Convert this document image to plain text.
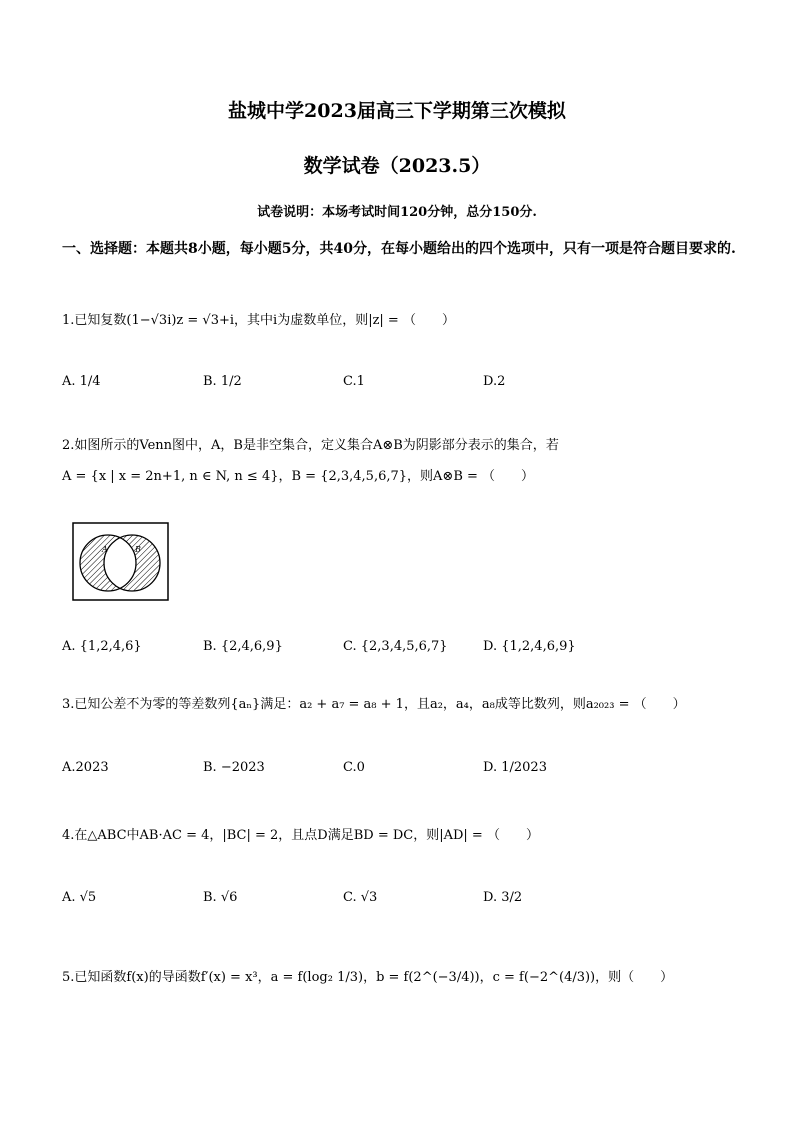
盐城中学2023届高三下学期第三次模拟
数学试卷（2023.5）
试卷说明：本场考试时间120分钟，总分150分.
一、选择题：本题共8小题，每小题5分，共40分，在每小题给出的四个选项中，只有一项是符合题目要求的.
1.已知复数(1−√3i)z = √3+i，其中i为虚数单位，则|z| = （　　）
A. 1/4	B. 1/2	C.1	D.2
2.如图所示的Venn图中，A，B是非空集合，定义集合A⊗B为阴影部分表示的集合，若
A = {x | x = 2n+1, n ∈ N, n ≤ 4}，B = {2,3,4,5,6,7}，则A⊗B = （　　）
A	B
A. {1,2,4,6}	B. {2,4,6,9}	C. {2,3,4,5,6,7}	D. {1,2,4,6,9}
3.已知公差不为零的等差数列{aₙ}满足：a₂ + a₇ = a₈ + 1，且a₂，a₄，a₈成等比数列，则a₂₀₂₃ = （　　）
A.2023	B. −2023	C.0	D. 1/2023
4.在△ABC中AB·AC = 4，|BC| = 2，且点D满足BD = DC，则|AD| = （　　）
A. √5	B. √6	C. √3	D. 3/2
5.已知函数f(x)的导函数f′(x) = x³，a = f(log₂ 1/3)，b = f(2^(−3/4))，c = f(−2^(4/3))，则（　　）
